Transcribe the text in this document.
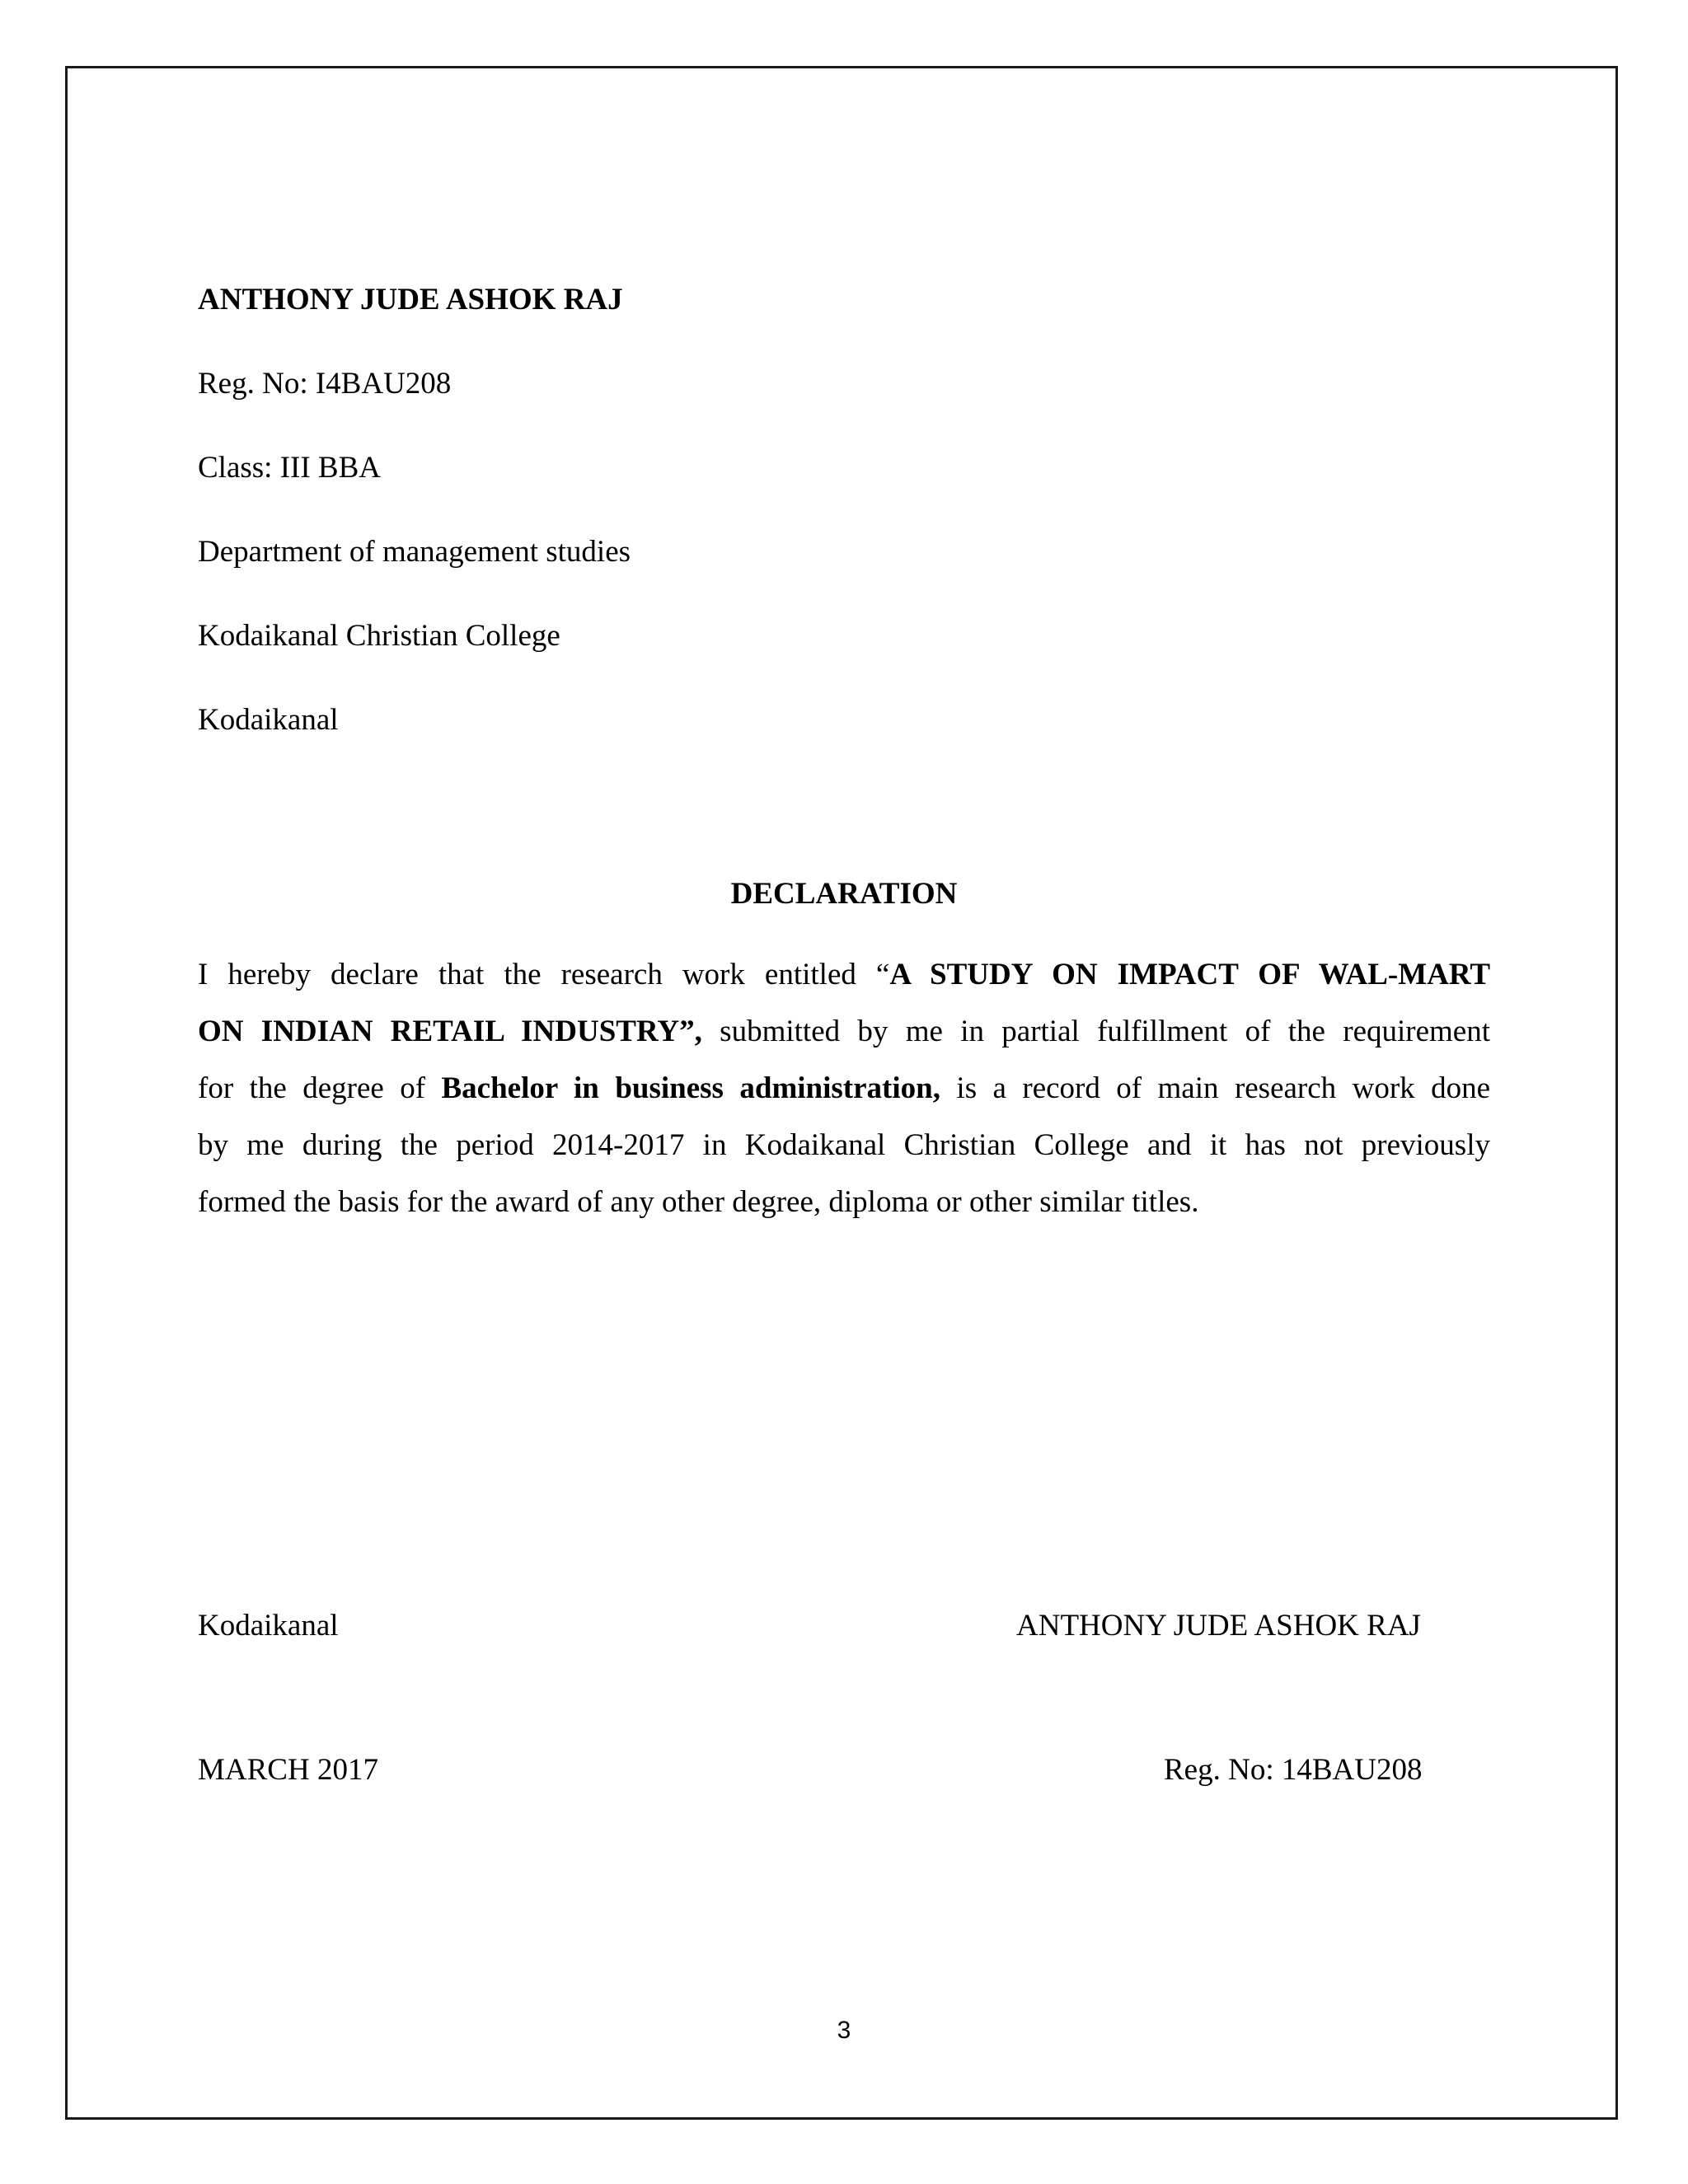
ANTHONY JUDE ASHOK RAJ
Reg. No: I4BAU208
Class: III BBA
Department of management studies
Kodaikanal Christian College
Kodaikanal
DECLARATION
I hereby declare that the research work entitled “A STUDY ON IMPACT OF WAL-MART
ON INDIAN RETAIL INDUSTRY”, submitted by me in partial fulfillment of the requirement
for the degree of Bachelor in business administration, is a record of main research work done
by me during the period 2014-2017 in Kodaikanal Christian College and it has not previously
formed the basis for the award of any other degree, diploma or other similar titles.
Kodaikanal
MARCH 2017
ANTHONY JUDE ASHOK RAJ
Reg. No: 14BAU208
3
